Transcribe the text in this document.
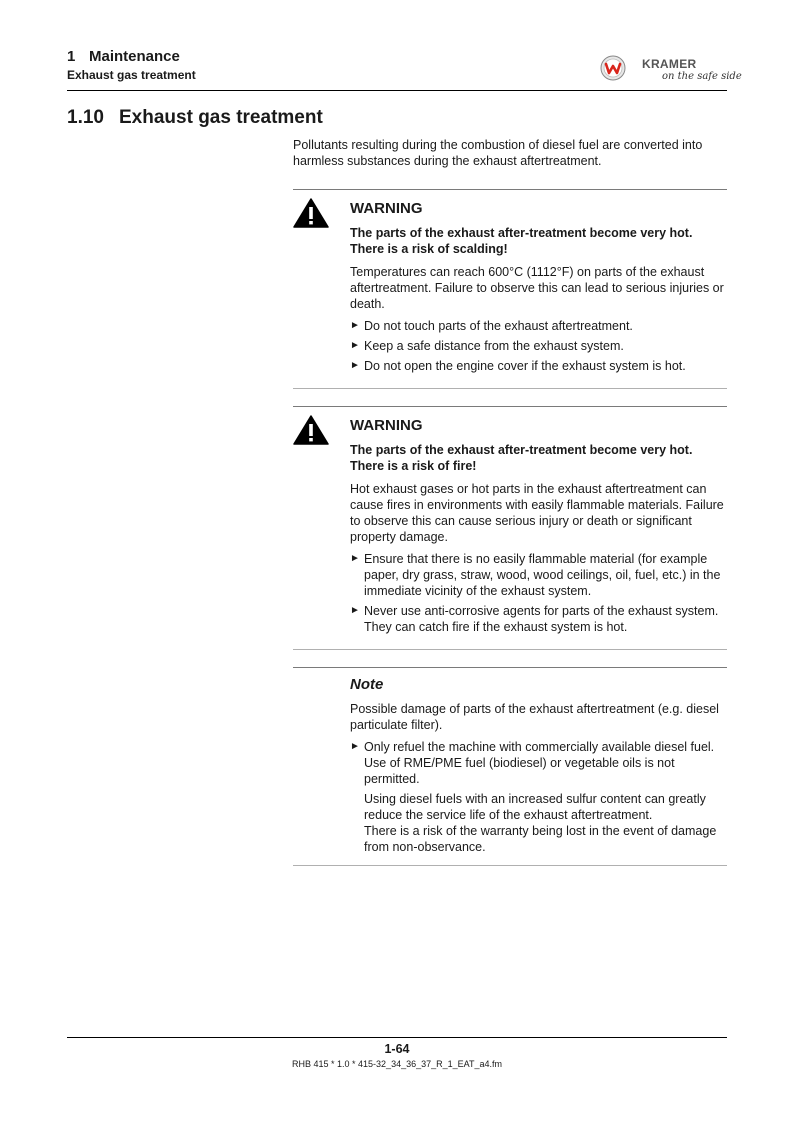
1 Maintenance
Exhaust gas treatment
KRAMER
on the safe side
1.10 Exhaust gas treatment

Pollutants resulting during the combustion of diesel fuel are converted into harmless substances during the exhaust aftertreatment.

WARNING

The parts of the exhaust after-treatment become very hot. There is a risk of scalding!

Temperatures can reach 600°C (1112°F) on parts of the exhaust aftertreatment. Failure to observe this can lead to serious injuries or death.

► Do not touch parts of the exhaust aftertreatment.
► Keep a safe distance from the exhaust system.
► Do not open the engine cover if the exhaust system is hot.
WARNING

The parts of the exhaust after-treatment become very hot. There is a risk of fire!

Hot exhaust gases or hot parts in the exhaust aftertreatment can cause fires in environments with easily flammable materials. Failure to observe this can cause serious injury or death or significant property damage.

► Ensure that there is no easily flammable material (for example paper, dry grass, straw, wood, wood ceilings, oil, fuel, etc.) in the immediate vicinity of the exhaust system.
► Never use anti-corrosive agents for parts of the exhaust system. They can catch fire if the exhaust system is hot.
Note

Possible damage of parts of the exhaust aftertreatment (e.g. diesel particulate filter).

► Only refuel the machine with commercially available diesel fuel. Use of RME/PME fuel (biodiesel) or vegetable oils is not permitted.
Using diesel fuels with an increased sulfur content can greatly reduce the service life of the exhaust aftertreatment.
There is a risk of the warranty being lost in the event of damage from non-observance.
1-64
RHB 415 * 1.0 * 415-32_34_36_37_R_1_EAT_a4.fm
